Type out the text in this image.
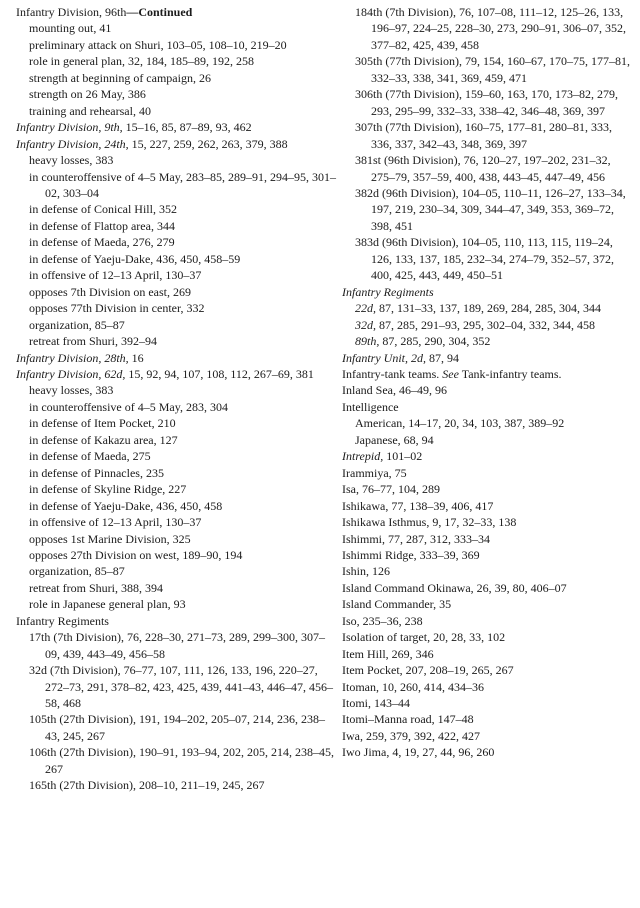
Infantry Division, 96th—Continued

mounting out, 41

preliminary attack on Shuri, 103–05, 108–10, 219–20

role in general plan, 32, 184, 185–89, 192, 258

strength at beginning of campaign, 26

strength on 26 May, 386

training and rehearsal, 40

Infantry Division, 9th, 15–16, 85, 87–89, 93, 462

Infantry Division, 24th, 15, 227, 259, 262, 263, 379, 388

heavy losses, 383

in counteroffensive of 4–5 May, 283–85, 289–91, 294–95, 301–02, 303–04

in defense of Conical Hill, 352

in defense of Flattop area, 344

in defense of Maeda, 276, 279

in defense of Yaeju-Dake, 436, 450, 458–59

in offensive of 12–13 April, 130–37

opposes 7th Division on east, 269

opposes 77th Division in center, 332

organization, 85–87

retreat from Shuri, 392–94

Infantry Division, 28th, 16

Infantry Division, 62d, 15, 92, 94, 107, 108, 112, 267–69, 381

heavy losses, 383

in counteroffensive of 4–5 May, 283, 304

in defense of Item Pocket, 210

in defense of Kakazu area, 127

in defense of Maeda, 275

in defense of Pinnacles, 235

in defense of Skyline Ridge, 227

in defense of Yaeju-Dake, 436, 450, 458

in offensive of 12–13 April, 130–37

opposes 1st Marine Division, 325

opposes 27th Division on west, 189–90, 194

organization, 85–87

retreat from Shuri, 388, 394

role in Japanese general plan, 93

Infantry Regiments

17th (7th Division), 76, 228–30, 271–73, 289, 299–300, 307–09, 439, 443–49, 456–58

32d (7th Division), 76–77, 107, 111, 126, 133, 196, 220–27, 272–73, 291, 378–82, 423, 425, 439, 441–43, 446–47, 456–58, 468

105th (27th Division), 191, 194–202, 205–07, 214, 236, 238–43, 245, 267

106th (27th Division), 190–91, 193–94, 202, 205, 214, 238–45, 267

165th (27th Division), 208–10, 211–19, 245, 267

184th (7th Division), 76, 107–08, 111–12, 125–26, 133, 196–97, 224–25, 228–30, 273, 290–91, 306–07, 352, 377–82, 425, 439, 458

305th (77th Division), 79, 154, 160–67, 170–75, 177–81, 332–33, 338, 341, 369, 459, 471

306th (77th Division), 159–60, 163, 170, 173–82, 279, 293, 295–99, 332–33, 338–42, 346–48, 369, 397

307th (77th Division), 160–75, 177–81, 280–81, 333, 336, 337, 342–43, 348, 369, 397

381st (96th Division), 76, 120–27, 197–202, 231–32, 275–79, 357–59, 400, 438, 443–45, 447–49, 456

382d (96th Division), 104–05, 110–11, 126–27, 133–34, 197, 219, 230–34, 309, 344–47, 349, 353, 369–72, 398, 451

383d (96th Division), 104–05, 110, 113, 115, 119–24, 126, 133, 137, 185, 232–34, 274–79, 352–57, 372, 400, 425, 443, 449, 450–51

Infantry Regiments

22d, 87, 131–33, 137, 189, 269, 284, 285, 304, 344

32d, 87, 285, 291–93, 295, 302–04, 332, 344, 458

89th, 87, 285, 290, 304, 352

Infantry Unit, 2d, 87, 94

Infantry-tank teams. See Tank-infantry teams.

Inland Sea, 46–49, 96

Intelligence

American, 14–17, 20, 34, 103, 387, 389–92

Japanese, 68, 94

Intrepid, 101–02

Irammiya, 75

Isa, 76–77, 104, 289

Ishikawa, 77, 138–39, 406, 417

Ishikawa Isthmus, 9, 17, 32–33, 138

Ishimmi, 77, 287, 312, 333–34

Ishimmi Ridge, 333–39, 369

Ishin, 126

Island Command Okinawa, 26, 39, 80, 406–07

Island Commander, 35

Iso, 235–36, 238

Isolation of target, 20, 28, 33, 102

Item Hill, 269, 346

Item Pocket, 207, 208–19, 265, 267

Itoman, 10, 260, 414, 434–36

Itomi, 143–44

Itomi–Manna road, 147–48

Iwa, 259, 379, 392, 422, 427

Iwo Jima, 4, 19, 27, 44, 96, 260
